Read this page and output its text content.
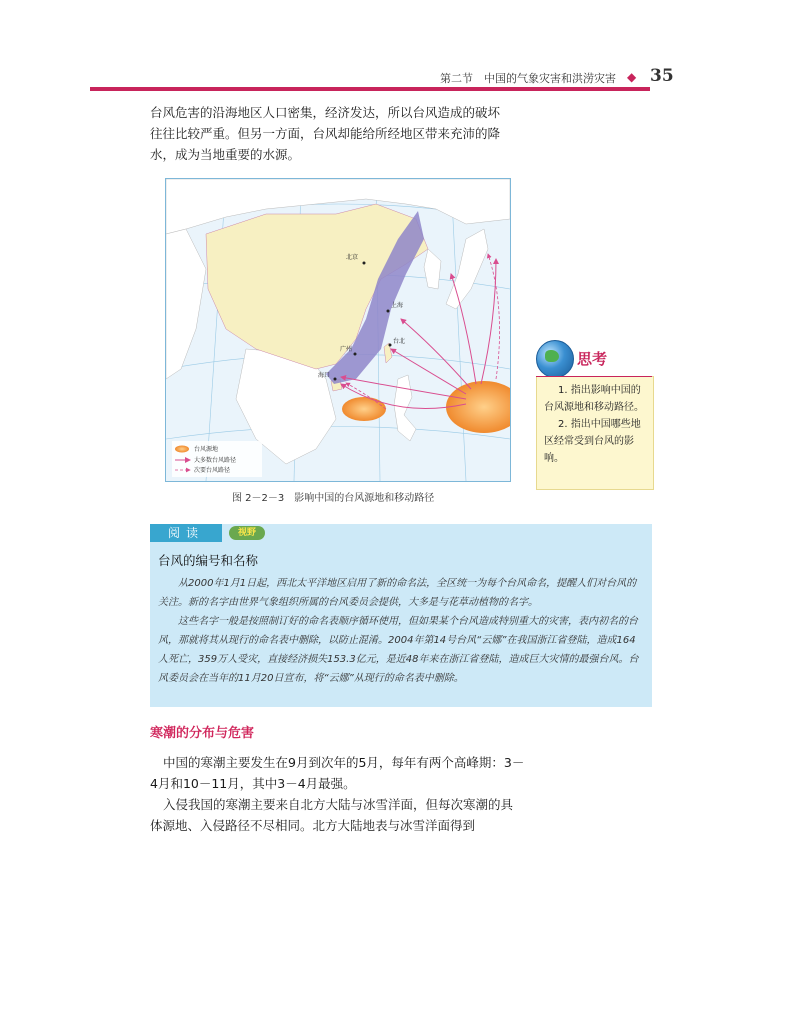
第二节　中国的气象灾害和洪涝灾害 ◆ 35

台风危害的沿海地区人口密集，经济发达，所以台风造成的破坏

往往比较严重。但另一方面，台风却能给所经地区带来充沛的降

水，成为当地重要的水源。

北京
上海
广州
海口
台北
台风源地
大多数台风路径
次要台风路径
图 2－2－3　影响中国的台风源地和移动路径
思考

1. 指出影响中国的台风源地和移动路径。

2. 指出中国哪些地区经常受到台风的影响。

阅读	视野
台风的编号和名称

从2000年1月1日起，西北太平洋地区启用了新的命名法，全区统一为每个台风命名，提醒人们对台风的关注。新的名字由世界气象组织所属的台风委员会提供，大多是与花草动植物的名字。

这些名字一般是按照制订好的命名表顺序循环使用，但如果某个台风造成特别重大的灾害，表内初名的台风，那就将其从现行的命名表中删除，以防止混淆。2004年第14号台风“云娜”在我国浙江省登陆，造成164人死亡，359万人受灾，直接经济损失153.3亿元，是近48年来在浙江省登陆，造成巨大灾情的最强台风。台风委员会在当年的11月20日宣布，将“云娜”从现行的命名表中删除。

寒潮的分布与危害

中国的寒潮主要发生在9月到次年的5月，每年有两个高峰期：3－4月和10－11月，其中3－4月最强。

入侵我国的寒潮主要来自北方大陆与冰雪洋面，但每次寒潮的具体源地、入侵路径不尽相同。北方大陆地表与冰雪洋面得到
